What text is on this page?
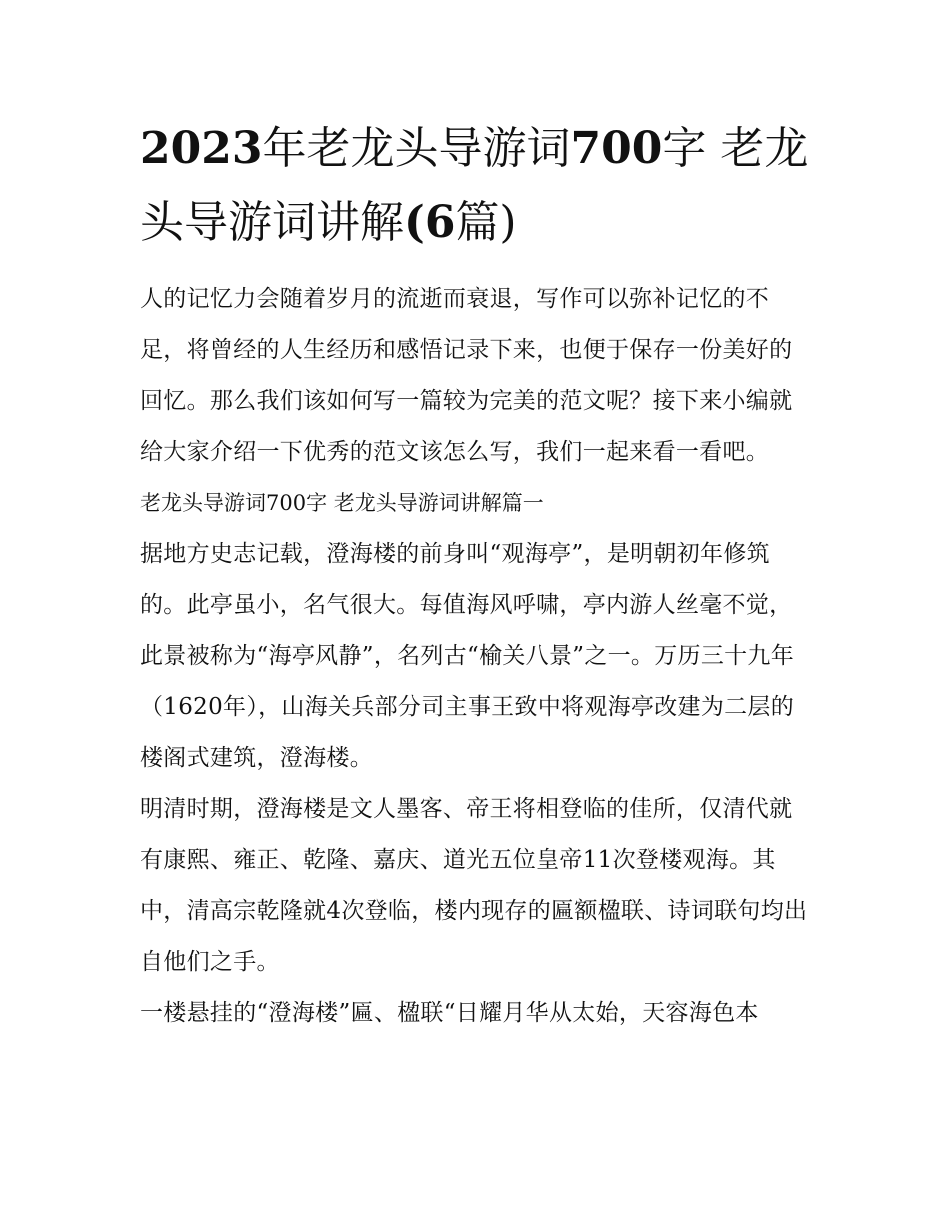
2023年老龙头导游词700字 老龙头导游词讲解(6篇)

人的记忆力会随着岁月的流逝而衰退，写作可以弥补记忆的不足，将曾经的人生经历和感悟记录下来，也便于保存一份美好的回忆。那么我们该如何写一篇较为完美的范文呢？接下来小编就给大家介绍一下优秀的范文该怎么写，我们一起来看一看吧。

老龙头导游词700字 老龙头导游词讲解篇一

据地方史志记载，澄海楼的前身叫“观海亭”，是明朝初年修筑的。此亭虽小，名气很大。每值海风呼啸，亭内游人丝毫不觉，此景被称为“海亭风静”，名列古“榆关八景”之一。万历三十九年（1620年），山海关兵部分司主事王致中将观海亭改建为二层的楼阁式建筑，澄海楼。

明清时期，澄海楼是文人墨客、帝王将相登临的佳所，仅清代就有康熙、雍正、乾隆、嘉庆、道光五位皇帝11次登楼观海。其中，清高宗乾隆就4次登临，楼内现存的匾额楹联、诗词联句均出自他们之手。

一楼悬挂的“澄海楼”匾、楹联“日耀月华从太始，天容海色本
